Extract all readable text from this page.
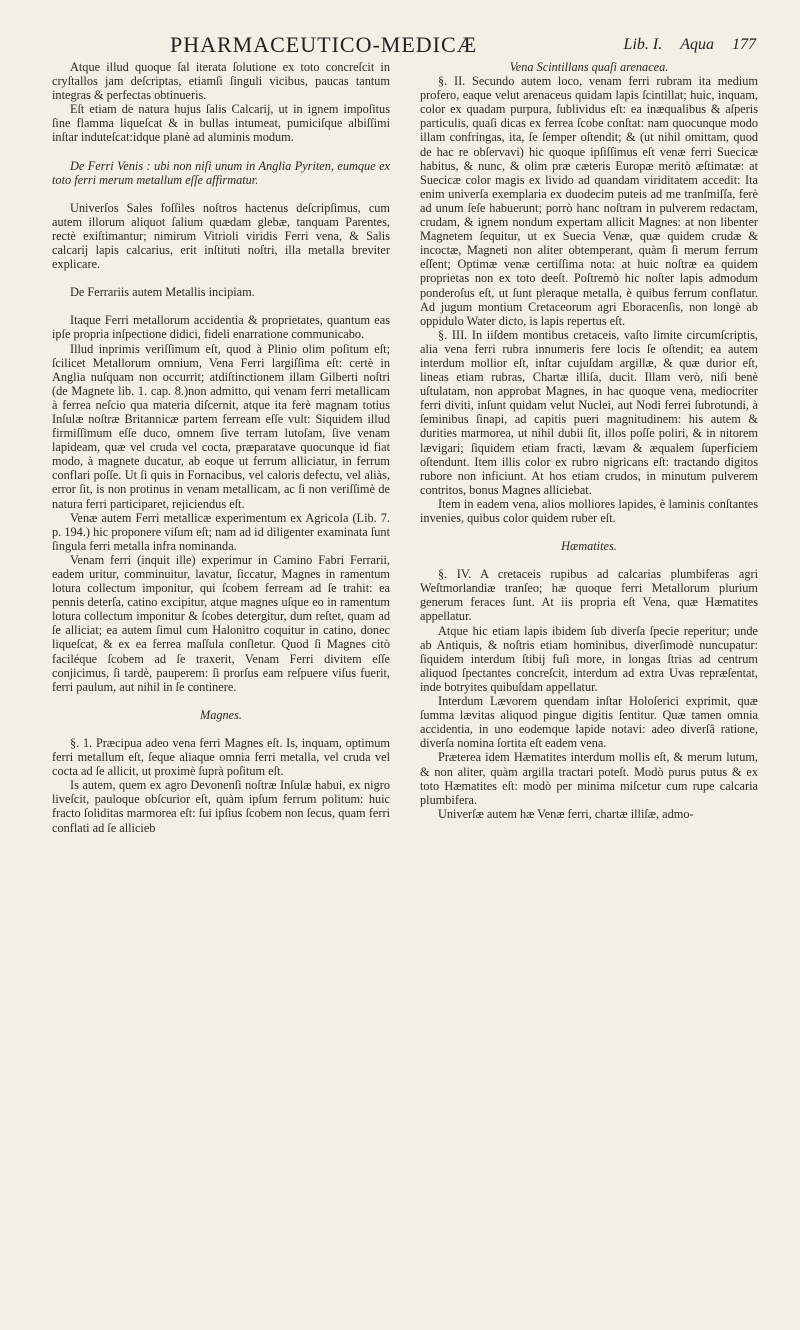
PHARMACEUTICO-MEDICÆ	Lib. I. Aqua 177

Atque illud quoque ſal iterata ſolutione ex toto concreſcit in cryſtallos jam deſcriptas, etiamſi ſinguli vicibus, paucas tantum integras & perfectas obtinueris.

Eſt etiam de natura hujus ſalis Calcarij, ut in ignem impoſitus ſine flamma liqueſcat & in bullas intumeat, pumiciſque albiſſimi inſtar induteſcat:idque planè ad aluminis modum.

De Ferri Venis : ubi non niſi unum in Anglia Pyriten, eumque ex toto ferri merum metallum eſſe affirmatur.

Univerſos Sales foſſiles noſtros hactenus deſcripſimus, cum autem illorum aliquot ſalium quædam glebæ, tanquam Parentes, rectè exiſtimantur; nimirum Vitrioli viridis Ferri vena, & Salis calcarij lapis calcarius, erit inſtituti noſtri, illa metalla breviter explicare.

De Ferrariis autem Metallis incipiam.

Itaque Ferri metallorum accidentia & proprietates, quantum eas ipſe propria inſpectione didici, fideli enarratione communicabo.

Illud inprimis veriſſimum eſt, quod à Plinio olim poſitum eſt; ſcilicet Metallorum omnium, Vena Ferri largiſſima eſt: certè in Anglia nuſquam non occurrit; atdiſtinctionem illam Gilberti noſtri (de Magnete lib. 1. cap. 8.)non admitto, qui venam ferri metallicam à ferrea neſcio qua materia diſcernit, atque ita ferè magnam totius Inſulæ noſtræ Britannicæ partem ferream eſſe vult: Siquidem illud firmiſſimum eſſe duco, omnem ſive terram lutoſam, ſive venam lapideam, quæ vel cruda vel cocta, præparatave quocunque id fiat modo, à magnete ducatur, ab eoque ut ferrum alliciatur, in ferrum conflari poſſe. Ut ſi quis in Fornacibus, vel caloris defectu, vel aliàs, error ſit, is non protinus in venam metallicam, ac ſi non veriſſimè de natura ferri participaret, rejiciendus eſt.

Venæ autem Ferri metallicæ experimentum ex Agricola (Lib. 7. p. 194.) hic proponere viſum eſt; nam ad id diligenter examinata ſunt ſingula ferri metalla infra nominanda.

Venam ferri (inquit ille) experimur in Camino Fabri Ferrarii, eadem uritur, comminuitur, lavatur, ſiccatur, Magnes in ramentum lotura collectum imponitur, qui ſcobem ferream ad ſe trahit: ea pennis deterſa, catino excipitur, atque magnes uſque eo in ramentum lotura collectum imponitur & ſcobes detergitur, dum reſtet, quam ad ſe alliciat; ea autem ſimul cum Halonitro coquitur in catino, donec liqueſcat, & ex ea ferrea maſſula conſletur. Quod ſi Magnes citò faciléque ſcobem ad ſe traxerit, Venam Ferri divitem eſſe conjicimus, ſi tardè, pauperem: ſi prorſus eam reſpuere viſus fuerit, ferri paulum, aut nihil in ſe continere.

Magnes.

§. 1. Præcipua adeo vena ferri Magnes eſt. Is, inquam, optimum ferri metallum eſt, ſeque aliaque omnia ferri metalla, vel cruda vel cocta ad ſe allicit, ut proximè ſuprà poſitum eſt.

Is autem, quem ex agro Devonenſi noſtræ Inſulæ habui, ex nigro liveſcit, pauloque obſcurior eſt, quàm ipſum ferrum politum: huic fracto ſoliditas marmorea eſt: ſui ipſius ſcobem non ſecus, quam ferri conflati ad ſe allicieb

Vena Scintillans quaſi arenacea.

§. II. Secundo autem loco, venam ferri rubram ita medium profero, eaque velut arenaceus quidam lapis ſcintillat; huic, inquam, color ex quadam purpura, ſublividus eſt: ea inæqualibus & aſperis particulis, quaſi dicas ex ferrea ſcobe conſtat: nam quocunque modo illam confringas, ita, ſe ſemper oſtendit; & (ut nihil omittam, quod de hac re obſervavi) hic quoque ipſiſſimus eſt venæ ferri Suecicæ habitus, & nunc, & olim præ cæteris Europæ meritò æſtimatæ: at Suecicæ color magis ex livido ad quandam viriditatem accedit: Ita enim univerſa exemplaria ex duodecim puteis ad me tranſmiſſa, ferè ad unum ſeſe habuerunt; porrò hanc noſtram in pulverem redactam, crudam, & ignem nondum expertam allicit Magnes: at non libenter Magnetem ſequitur, ut ex Suecia Venæ, quæ quidem crudæ & incoctæ, Magneti non aliter obtemperant, quàm ſi merum ferrum eſſent; Optimæ venæ certiſſima nota: at huic noſtræ ea quidem proprietas non ex toto deeſt. Poſtremò hic noſter lapis admodum ponderoſus eſt, ut ſunt pleraque metalla, è quibus ferrum conflatur. Ad jugum montium Cretaceorum agri Eboracenſis, non longè ab oppidulo Water dicto, is lapis repertus eſt.

§. III. In iiſdem montibus cretaceis, vaſto limite circumſcriptis, alia vena ferri rubra innumeris fere locis ſe oſtendit; ea autem interdum mollior eſt, inſtar cujuſdam argillæ, & quæ durior eſt, lineas etiam rubras, Chartæ illiſa, ducit. Illam verò, niſi benè uſtulatam, non approbat Magnes, in hac quoque vena, mediocriter ferri diviti, inſunt quidam velut Nuclei, aut Nodi ferrei ſubrotundi, à ſeminibus ſinapi, ad capitis pueri magnitudinem: his autem & durities marmorea, ut nihil dubii ſit, illos poſſe poliri, & in nitorem lævigari; ſiquidem etiam fracti, lævam & æqualem ſuperficiem oſtendunt. Item illis color ex rubro nigricans eſt: tractando digitos rubore non inficiunt. At hos etiam crudos, in minutum pulverem contritos, bonus Magnes alliciebat.

Item in eadem vena, alios molliores lapides, è laminis conſtantes invenies, quibus color quidem ruber eſt.

Hæmatites.

§. IV. A cretaceis rupibus ad calcarias plumbiferas agri Weſtmorlandiæ tranſeo; hæ quoque ferri Metallorum plurium generum feraces ſunt. At iis propria eſt Vena, quæ Hæmatites appellatur.

Atque hic etiam lapis ibidem ſub diverſa ſpecie reperitur; unde ab Antiquis, & noſtris etiam hominibus, diverſimodè nuncupatur: ſiquidem interdum ſtibij fuſi more, in longas ſtrias ad centrum aliquod ſpectantes concreſcit, interdum ad extra Uvas repræſentat, inde botryites quibuſdam appellatur.

Interdum Lævorem quendam inſtar Holoſerici exprimit, quæ ſumma lævitas aliquod pingue digitis ſentitur. Quæ tamen omnia accidentia, in uno eodemque lapide notavi: adeo diverſâ ratione, diverſa nomina ſortita eſt eadem vena.

Præterea idem Hæmatites interdum mollis eſt, & merum lutum, & non aliter, quàm argilla tractari poteſt. Modò purus putus & ex toto Hæmatites eſt: modò per minima miſcetur cum rupe calcaria plumbifera.

Univerſæ autem hæ Venæ ferri, chartæ illiſæ, admo-
